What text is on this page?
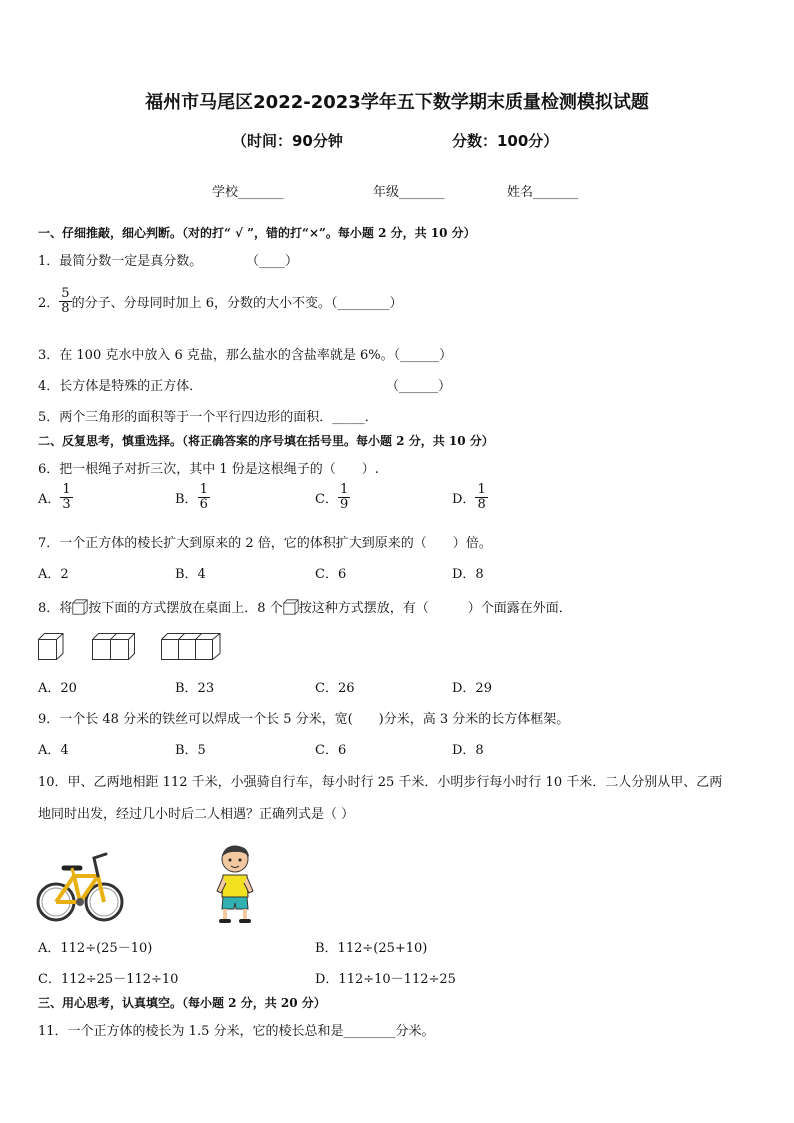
福州市马尾区2022-2023学年五下数学期末质量检测模拟试题
（时间：90分钟	分数：100分）
学校_______	年级_______	姓名_______
一、仔细推敲，细心判断。（对的打“ √ ”，错的打“×”。每小题 2 分，共 10 分）
1．最简分数一定是真分数。	（____）
2． $\frac{5}{8}$ 的分子、分母同时加上 6，分数的大小不变。（________）
3．在 100 克水中放入 6 克盐，那么盐水的含盐率就是 6%。（______）
4．长方体是特殊的正方体．	（______）
5．两个三角形的面积等于一个平行四边形的面积．_____．
二、反复思考，慎重选择。（将正确答案的序号填在括号里。每小题 2 分，共 10 分）
6．把一根绳子对折三次，其中 1 份是这根绳子的（　　）.
A． $\frac{1}{3}$	B． $\frac{1}{6}$	C． $\frac{1}{9}$	D． $\frac{1}{8}$
7．一个正方体的棱长扩大到原来的 2 倍，它的体积扩大到原来的（　　）倍。
A．2	B．4	C．6	D．8
8．将 按下面的方式摆放在桌面上．8 个 按这种方式摆放，有（　　　）个面露在外面．
A．20	B．23	C．26	D．29
9．一个长 48 分米的铁丝可以焊成一个长 5 分米，宽(　　)分米，高 3 分米的长方体框架。
A．4	B．5	C．6	D．8
10．甲、乙两地相距 112 千米，小强骑自行车，每小时行 25 千米．小明步行每小时行 10 千米．二人分别从甲、乙两
地同时出发，经过几小时后二人相遇？正确列式是（ ）
A．112÷(25－10)	B．112÷(25+10)
C．112÷25－112÷10	D．112÷10－112÷25
三、用心思考，认真填空。（每小题 2 分，共 20 分）
11．一个正方体的棱长为 1.5 分米，它的棱长总和是________分米。
